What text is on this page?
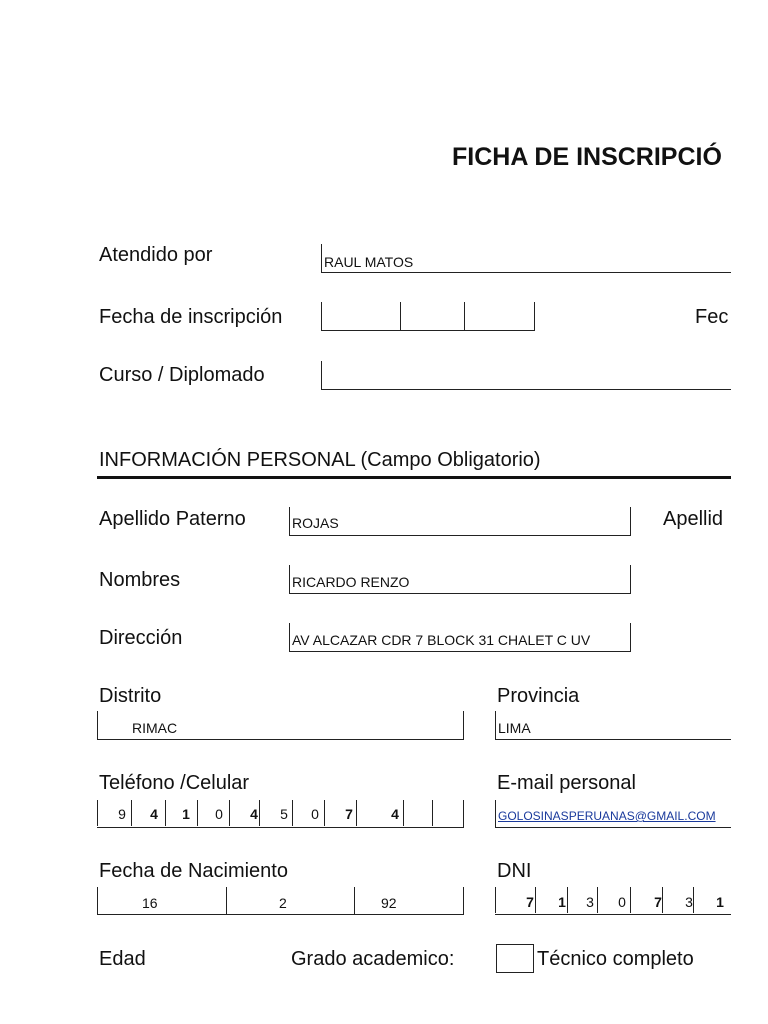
FICHA DE INSCRIPCIÓ
Atendido por	RAUL MATOS
Fecha de inscripción	Fec
Curso / Diplomado
INFORMACIÓN PERSONAL (Campo Obligatorio)
Apellido Paterno	ROJAS	Apellid
Nombres	RICARDO RENZO
Dirección	AV ALCAZAR CDR 7 BLOCK 31 CHALET C UV
Distrito
RIMAC
Provincia
LIMA
Teléfono /Celular
9	4	1	0	4	5	0	7	4
E-mail personal
GOLOSINASPERUANAS@GMAIL.COM
Fecha de Nacimiento
16	2	92
DNI
7	1	3	0	7	3	1
Edad	Grado academico:	Técnico completo
